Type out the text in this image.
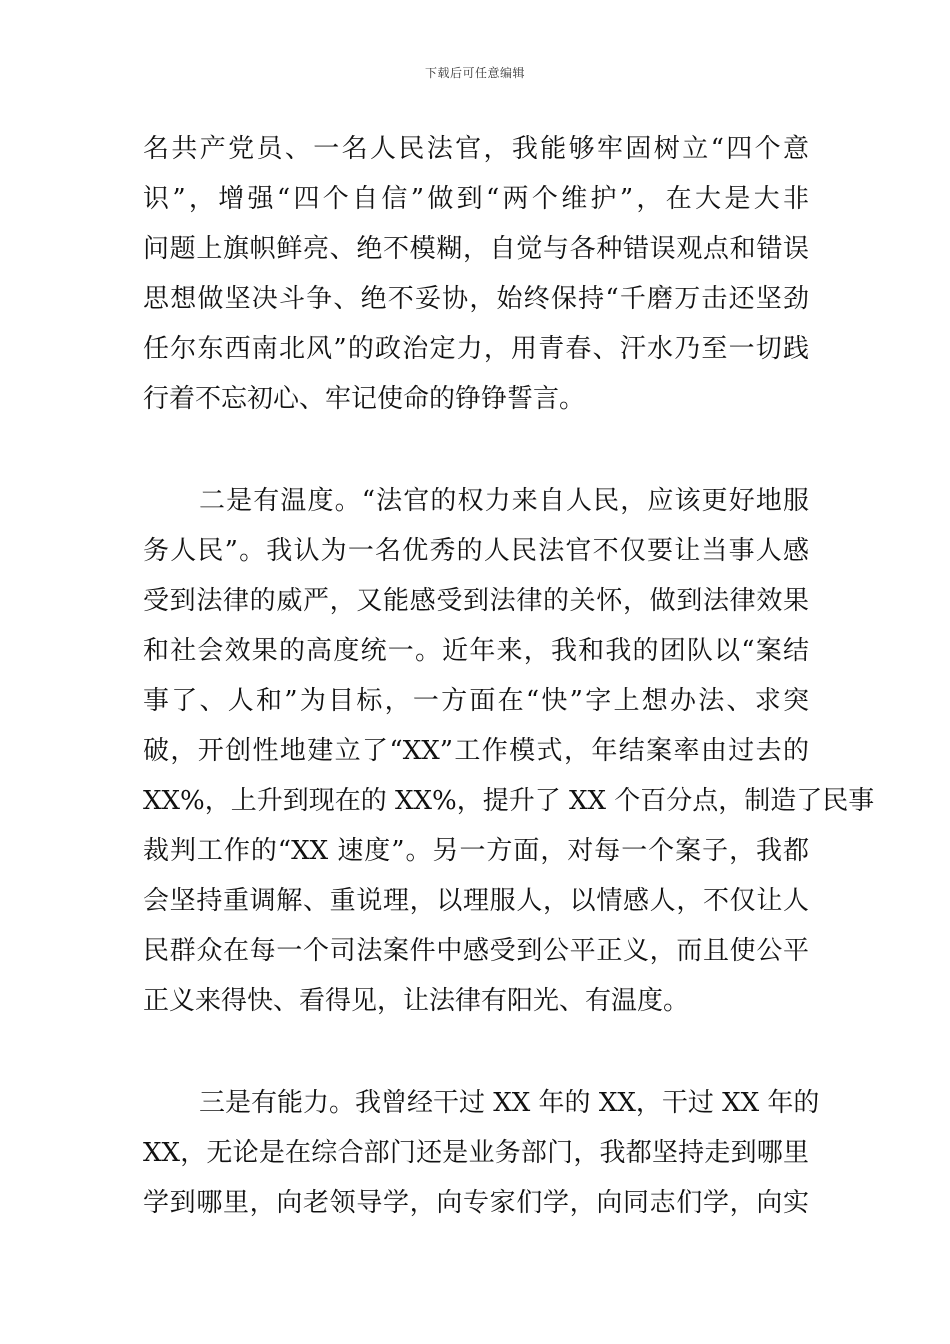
下载后可任意编辑
名共产党员、一名人民法官，我能够牢固树立“四个意
识”，增强“四个自信”做到“两个维护”，在大是大非
问题上旗帜鲜亮、绝不模糊，自觉与各种错误观点和错误
思想做坚决斗争、绝不妥协，始终保持“千磨万击还坚劲
任尔东西南北风”的政治定力，用青春、汗水乃至一切践
行着不忘初心、牢记使命的铮铮誓言。
二是有温度。“法官的权力来自人民，应该更好地服
务人民”。我认为一名优秀的人民法官不仅要让当事人感
受到法律的威严，又能感受到法律的关怀，做到法律效果
和社会效果的高度统一。近年来，我和我的团队以“案结
事了、人和”为目标，一方面在“快”字上想办法、求突
破，开创性地建立了“XX”工作模式，年结案率由过去的
XX%，上升到现在的 XX%，提升了 XX 个百分点，制造了民事
裁判工作的“XX 速度”。另一方面，对每一个案子，我都
会坚持重调解、重说理，以理服人，以情感人，不仅让人
民群众在每一个司法案件中感受到公平正义，而且使公平
正义来得快、看得见，让法律有阳光、有温度。
三是有能力。我曾经干过 XX 年的 XX，干过 XX 年的
XX，无论是在综合部门还是业务部门，我都坚持走到哪里
学到哪里，向老领导学，向专家们学，向同志们学，向实
